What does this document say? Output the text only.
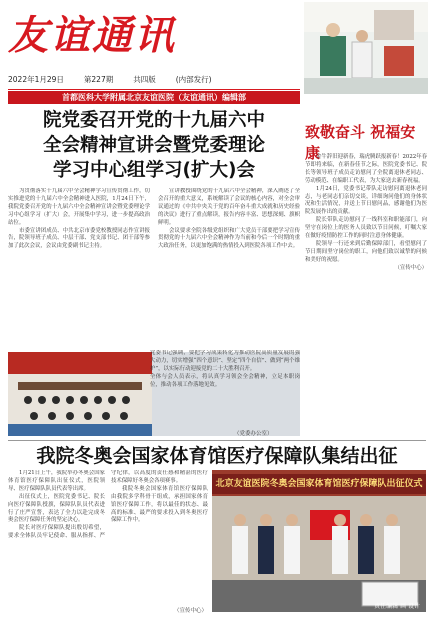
友谊通讯
2022年1月29日	第227期	共四版	(内部发行)
首都医科大学附属北京友谊医院（友谊通讯）编辑部
院党委召开党的十九届六中
全会精神宣讲会暨党委理论
学习中心组学习(扩大)会

为贯彻落实十九届六中全会精神学习宣传贯彻工作，切实推进党的十九届六中全会精神进入医院，1月24日下午，我院党委召开党的十九届六中全会精神宣讲会暨党委理论学习中心组学习（扩大）会，开展集中学习，进一步提高政治站位。

市委宣讲团成员、中共北京市委党校教授同志作宣讲报告，院领导班子成员、中层干部、党支部书记、团干部等参加了此次会议，会议由党委副书记主持。

宣讲教授围绕党的十九届六中全会精神，深入阐述了全会召开的重大意义，系统解读了会议的核心内容，对全会审议通过的《中共中央关于党的百年奋斗重大成就和历史经验的决议》进行了重点解读，报告内容丰富、思想深刻、旗帜鲜明。

会议要求全院各级党组织和广大党员干部要把学习宣传贯彻党的十九届六中全会精神作为当前和今后一个时期的重大政治任务，以更加饱满的热情投入到医院各项工作中去。

党委书记强调，要把学习成果转化为推动医院高质量发展的强大动力，切实增强“四个意识”、坚定“四个自信”、做到“两个维护”，以实际行动迎接党的二十大胜利召开。

全体与会人员表示，将认真学习领会全会精神，立足本职岗位，推动各项工作落地见效。

（党委办公室）
致敬奋斗 祝福安康

金牛辞旧迎新春，瑞虎腾跃报新春！2022年春节即将来临，在新春佳节之际，医院党委书记、院长等领导班子成员走访慰问了全院离退休老同志、劳动模范、在编职工代表，为大家送去新春祝福。

1月24日，党委书记带队走访慰问离退休老同志，与老同志们亲切交谈，详细询问他们的身体状况和生活情况，并送上节日慰问品，感谢他们为医院发展作出的贡献。

院长带队走访慰问了一线科室和职能部门，向坚守在岗位上的医务人员致以节日问候，叮嘱大家在做好疫情防控工作的同时注意身体健康。

院领导一行还来到后勤保障部门，看望慰问了节日期间坚守岗位的职工，向他们致以诚挚的问候和美好的祝愿。

（宣传中心）

我院冬奥会国家体育馆医疗保障队集结出征

1月21日上午，我院举办冬奥会国家体育馆医疗保障队出征仪式，医院领导、医疗保障队队员代表等出席。

出征仪式上，医院党委书记、院长向医疗保障队授旗，保障队队员代表进行了庄严宣誓，表达了全力以赴完成冬奥会医疗保障任务的坚定决心。

院长对医疗保障队提出殷切希望，要求全体队员牢记使命、服从指挥、严守纪律，以高度的责任感和精湛的医疗技术保障好冬奥会各项赛事。

我院冬奥会国家体育馆医疗保障队由我院多学科骨干组成，承担国家体育馆医疗保障工作，将以最佳的状态、最高的标准、最严的要求投入到冬奥医疗保障工作中。

（宣传中心）
北京友谊医院冬奥会国家体育馆医疗保障队出征仪式
责任编辑 画 设计
